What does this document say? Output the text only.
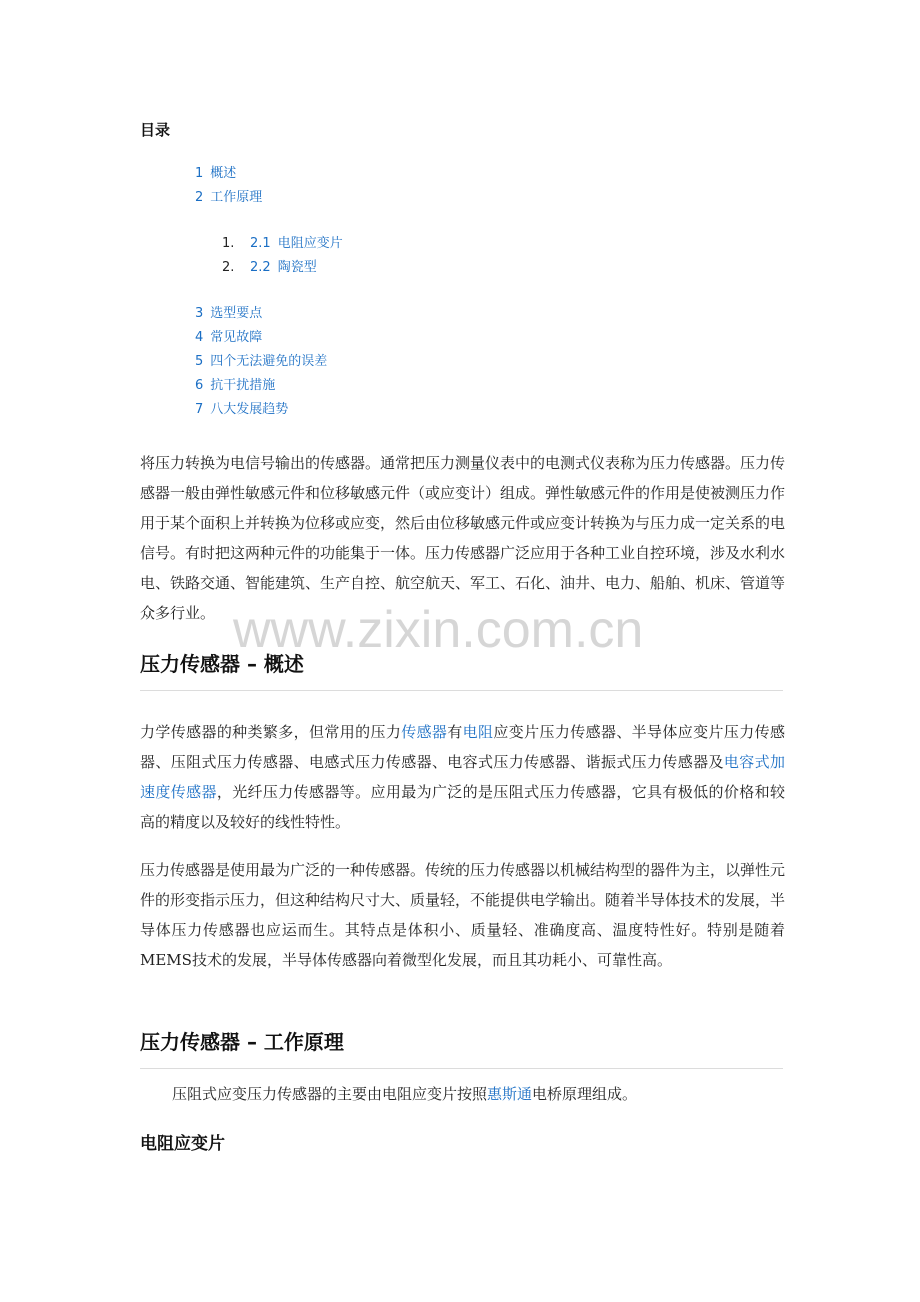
目录
1 概述
2 工作原理
1. 2.1 电阻应变片
2. 2.2 陶瓷型
3 选型要点
4 常见故障
5 四个无法避免的误差
6 抗干扰措施
7 八大发展趋势

将压力转换为电信号输出的传感器。通常把压力测量仪表中的电测式仪表称为压力传感器。压力传感器一般由弹性敏感元件和位移敏感元件（或应变计）组成。弹性敏感元件的作用是使被测压力作用于某个面积上并转换为位移或应变，然后由位移敏感元件或应变计转换为与压力成一定关系的电信号。有时把这两种元件的功能集于一体。压力传感器广泛应用于各种工业自控环境，涉及水利水电、铁路交通、智能建筑、生产自控、航空航天、军工、石化、油井、电力、船舶、机床、管道等众多行业。 www.zixin.com.cn
压力传感器 – 概述

力学传感器的种类繁多，但常用的压力传感器有电阻应变片压力传感器、半导体应变片压力传感器、压阻式压力传感器、电感式压力传感器、电容式压力传感器、谐振式压力传感器及电容式加速度传感器，光纤压力传感器等。应用最为广泛的是压阻式压力传感器，它具有极低的价格和较高的精度以及较好的线性特性。

压力传感器是使用最为广泛的一种传感器。传统的压力传感器以机械结构型的器件为主，以弹性元件的形变指示压力，但这种结构尺寸大、质量轻，不能提供电学输出。随着半导体技术的发展，半导体压力传感器也应运而生。其特点是体积小、质量轻、准确度高、温度特性好。特别是随着MEMS技术的发展，半导体传感器向着微型化发展，而且其功耗小、可靠性高。

压力传感器 – 工作原理

压阻式应变压力传感器的主要由电阻应变片按照惠斯通电桥原理组成。

电阻应变片
